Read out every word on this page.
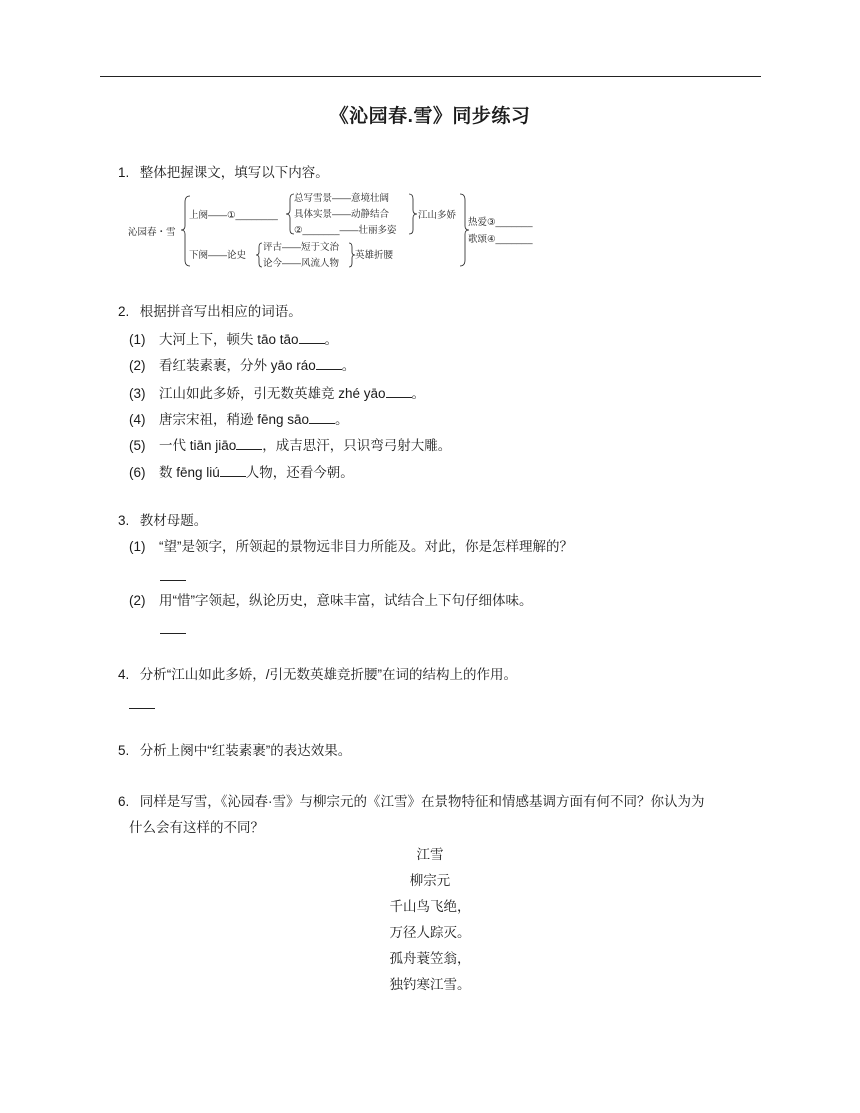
《沁园春.雪》同步练习
1. 整体把握课文，填写以下内容。
沁园春・雪
上阕——①________
总写雪景——意境壮阔
具体实景——动静结合
②_______——壮丽多姿
江山多娇
下阕——论史
评古——短于文治
论今——风流人物
英雄折腰
热爱③_______
歌颂④_______
2. 根据拼音写出相应的词语。
(1) 大河上下，顿失 tāo tāo 。
(2) 看红装素裹，分外 yāo ráo 。
(3) 江山如此多娇，引无数英雄竞 zhé yāo 。
(4) 唐宗宋祖，稍逊 fēng sāo 。
(5) 一代 tiān jiāo ，成吉思汗，只识弯弓射大雕。
(6) 数 fēng liú 人物，还看今朝。
3. 教材母题。
(1) “望”是领字，所领起的景物远非目力所能及。对此，你是怎样理解的？
(2) 用“惜”字领起，纵论历史，意味丰富，试结合上下句仔细体味。
4. 分析“江山如此多娇，/引无数英雄竞折腰”在词的结构上的作用。
5. 分析上阕中“红装素裹”的表达效果。
6. 同样是写雪，《沁园春·雪》与柳宗元的《江雪》在景物特征和情感基调方面有何不同？你认为为
什么会有这样的不同？
江雪
柳宗元
千山鸟飞绝，
万径人踪灭。
孤舟蓑笠翁，
独钓寒江雪。
